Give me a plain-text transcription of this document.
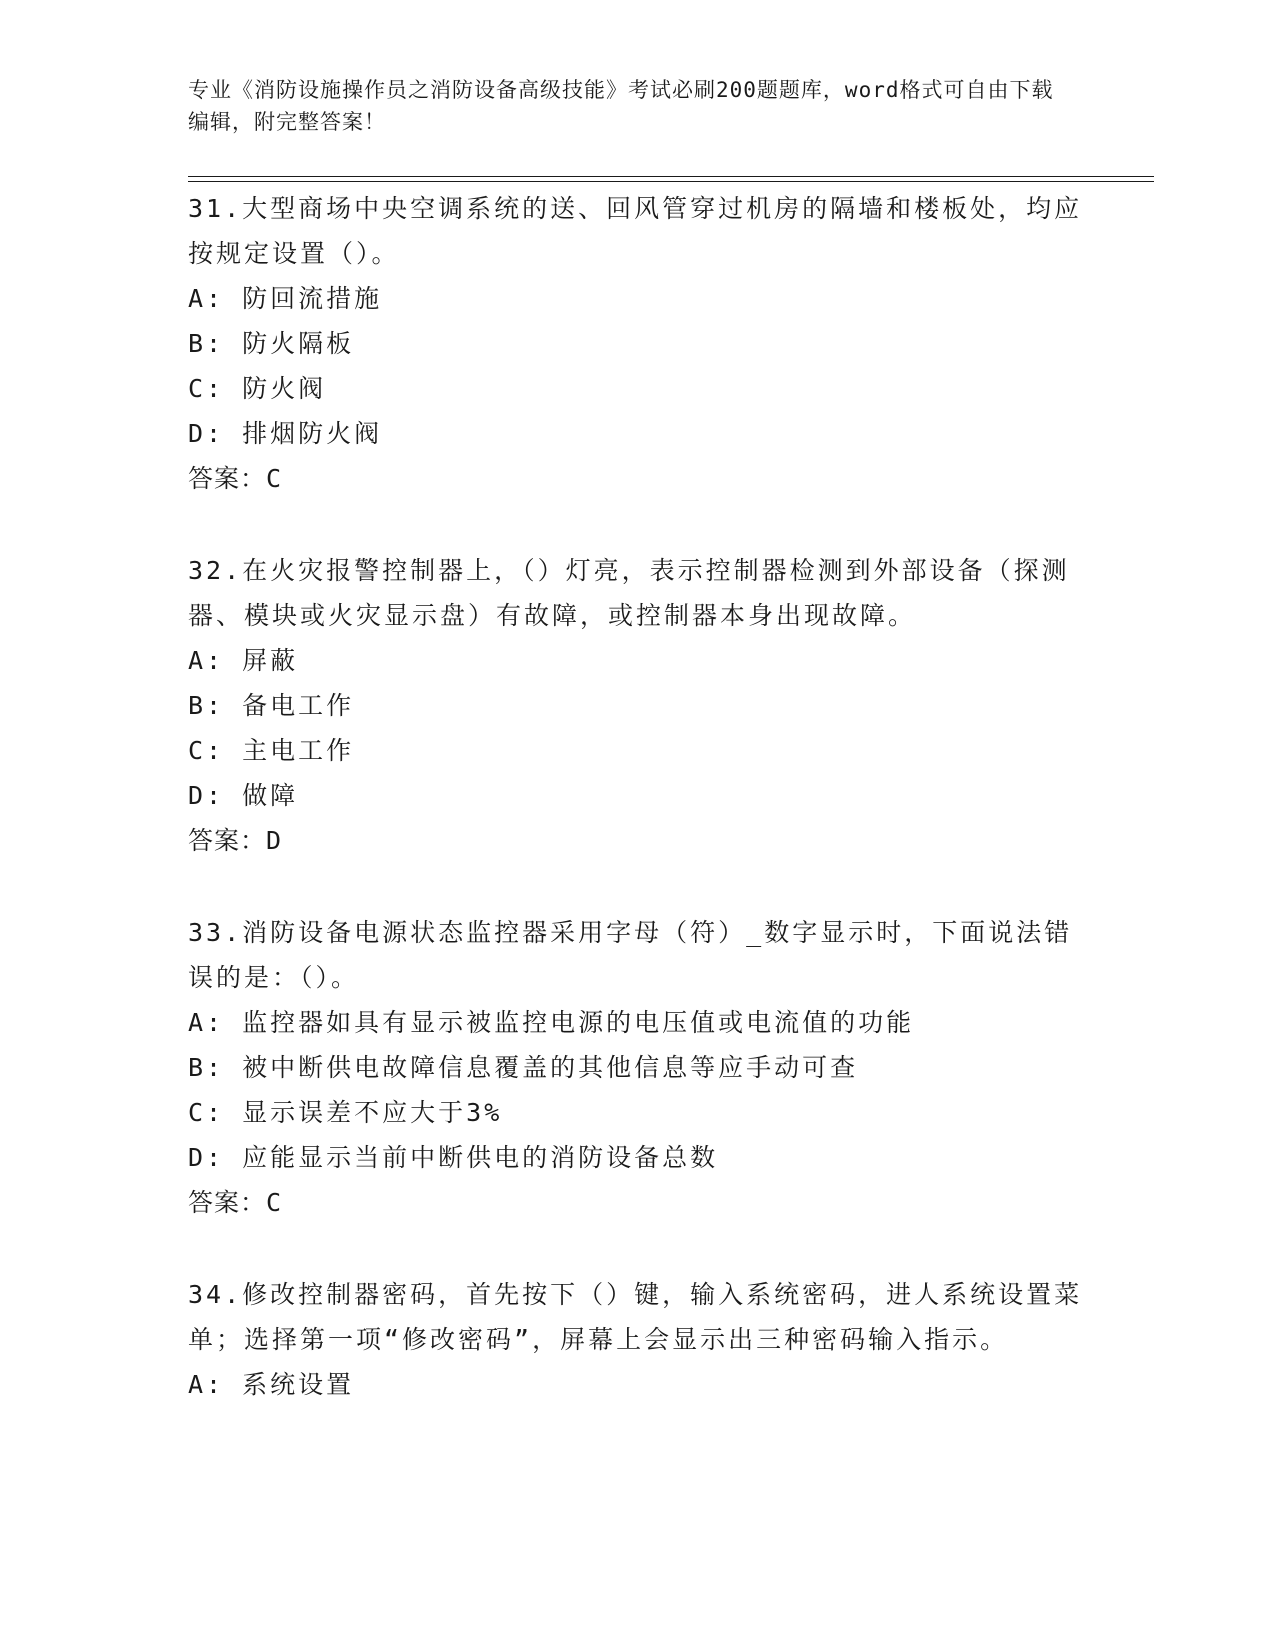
专业《消防设施操作员之消防设备高级技能》考试必刷200题题库，word格式可自由下载编辑，附完整答案！
31.大型商场中央空调系统的送、回风管穿过机房的隔墙和楼板处，均应按规定设置（）。
A: 防回流措施
B: 防火隔板
C: 防火阀
D: 排烟防火阀
答案：C
32.在火灾报警控制器上，（）灯亮，表示控制器检测到外部设备（探测器、模块或火灾显示盘）有故障，或控制器本身出现故障。
A: 屏蔽
B: 备电工作
C: 主电工作
D: 做障
答案：D
33.消防设备电源状态监控器采用字母（符）_数字显示时，下面说法错误的是：（）。
A: 监控器如具有显示被监控电源的电压值或电流值的功能
B: 被中断供电故障信息覆盖的其他信息等应手动可查
C: 显示误差不应大于3%
D: 应能显示当前中断供电的消防设备总数
答案：C
34.修改控制器密码，首先按下（）键，输入系统密码，进人系统设置菜单；选择第一项“修改密码”，屏幕上会显示出三种密码输入指示。
A: 系统设置
